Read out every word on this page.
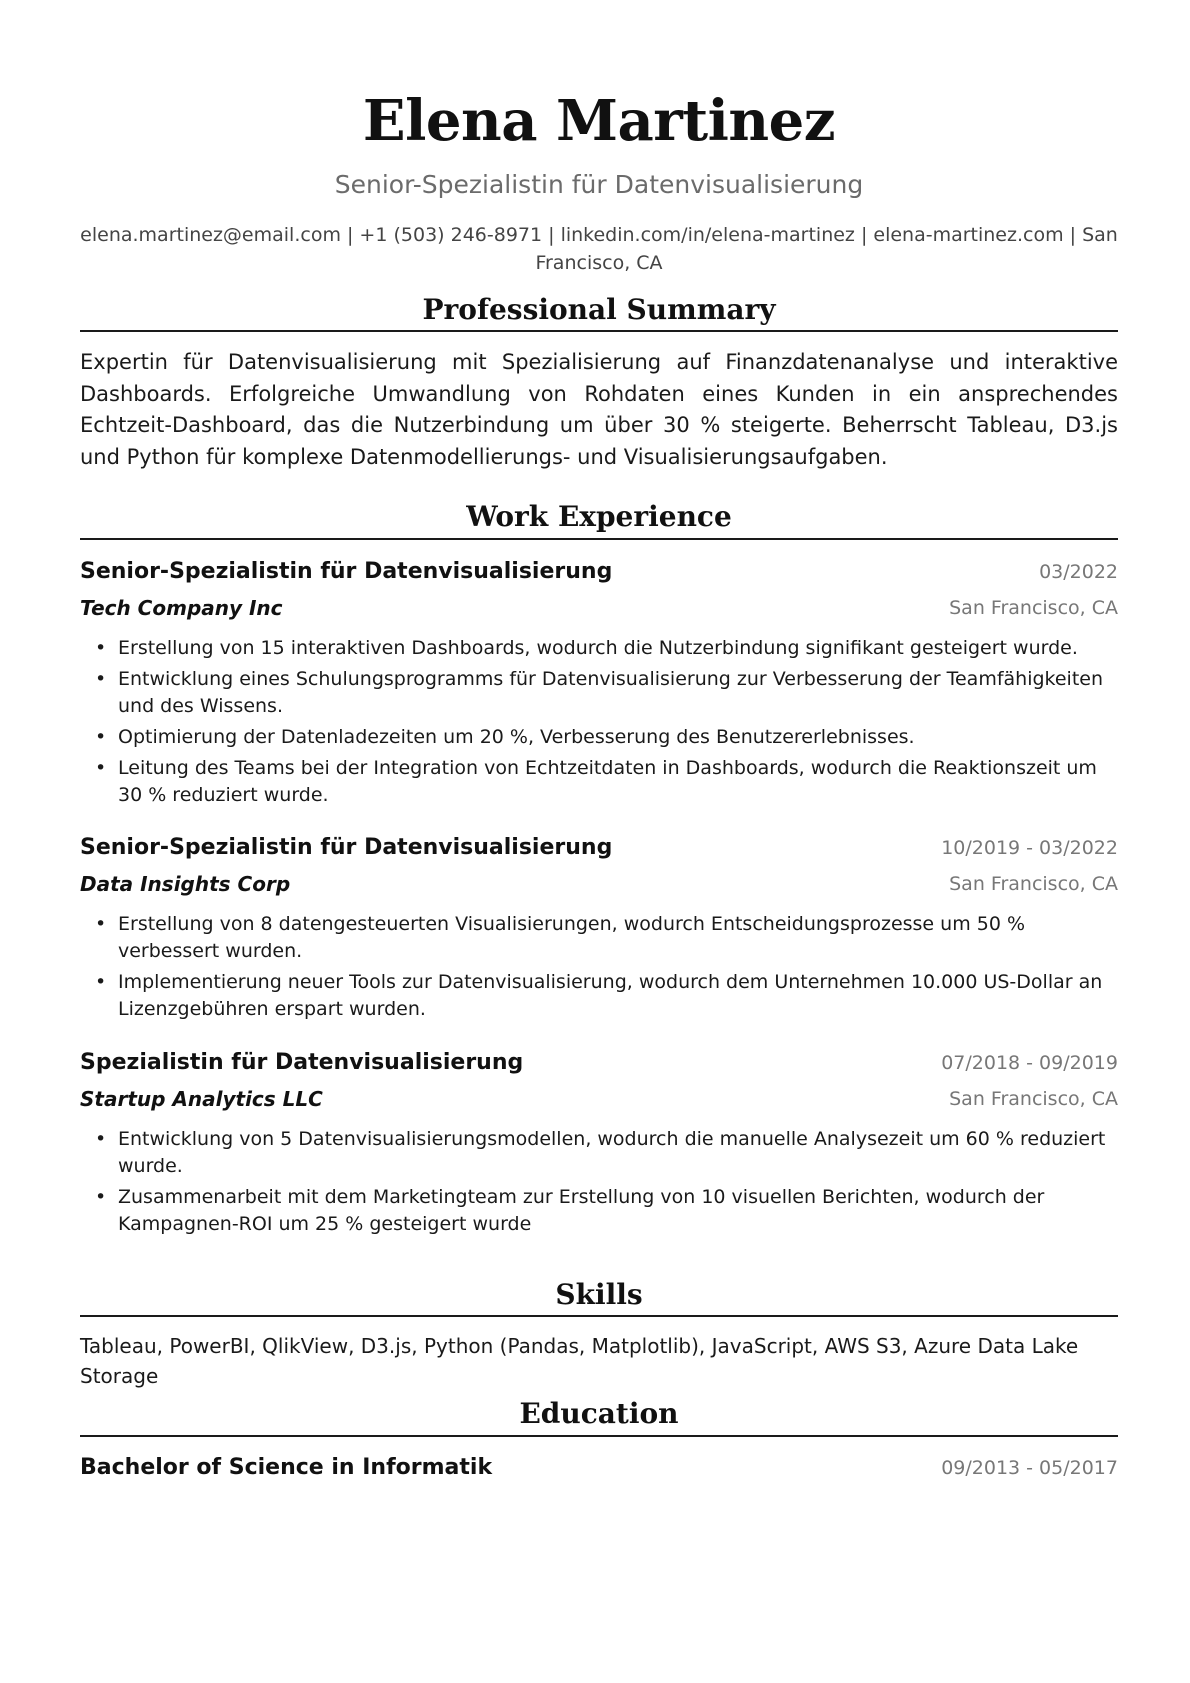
Elena Martinez
Senior-Spezialistin für Datenvisualisierung
elena.martinez@email.com | +1 (503) 246-8971 | linkedin.com/in/elena-martinez | elena-martinez.com | San
Francisco, CA
Professional Summary

Expertin für Datenvisualisierung mit Spezialisierung auf Finanzdatenanalyse und interaktive Dashboards. Erfolgreiche Umwandlung von Rohdaten eines Kunden in ein ansprechendes Echtzeit-Dashboard, das die Nutzerbindung um über 30 % steigerte. Beherrscht Tableau, D3.js und Python für komplexe Datenmodellierungs- und Visualisierungsaufgaben.

Work Experience
Senior-Spezialistin für Datenvisualisierung	03/2022
Tech Company Inc	San Francisco, CA
• Erstellung von 15 interaktiven Dashboards, wodurch die Nutzerbindung signifikant gesteigert wurde.
• Entwicklung eines Schulungsprogramms für Datenvisualisierung zur Verbesserung der Teamfähigkeiten und des Wissens.
• Optimierung der Datenladezeiten um 20 %, Verbesserung des Benutzererlebnisses.
• Leitung des Teams bei der Integration von Echtzeitdaten in Dashboards, wodurch die Reaktionszeit um 30 % reduziert wurde.
Senior-Spezialistin für Datenvisualisierung	10/2019 - 03/2022
Data Insights Corp	San Francisco, CA
• Erstellung von 8 datengesteuerten Visualisierungen, wodurch Entscheidungsprozesse um 50 % verbessert wurden.
• Implementierung neuer Tools zur Datenvisualisierung, wodurch dem Unternehmen 10.000 US-Dollar an Lizenzgebühren erspart wurden.
Spezialistin für Datenvisualisierung	07/2018 - 09/2019
Startup Analytics LLC	San Francisco, CA
• Entwicklung von 5 Datenvisualisierungsmodellen, wodurch die manuelle Analysezeit um 60 % reduziert wurde.
• Zusammenarbeit mit dem Marketingteam zur Erstellung von 10 visuellen Berichten, wodurch der Kampagnen-ROI um 25 % gesteigert wurde
Skills
Tableau, PowerBI, QlikView, D3.js, Python (Pandas, Matplotlib), JavaScript, AWS S3, Azure Data Lake Storage
Education
Bachelor of Science in Informatik	09/2013 - 05/2017
